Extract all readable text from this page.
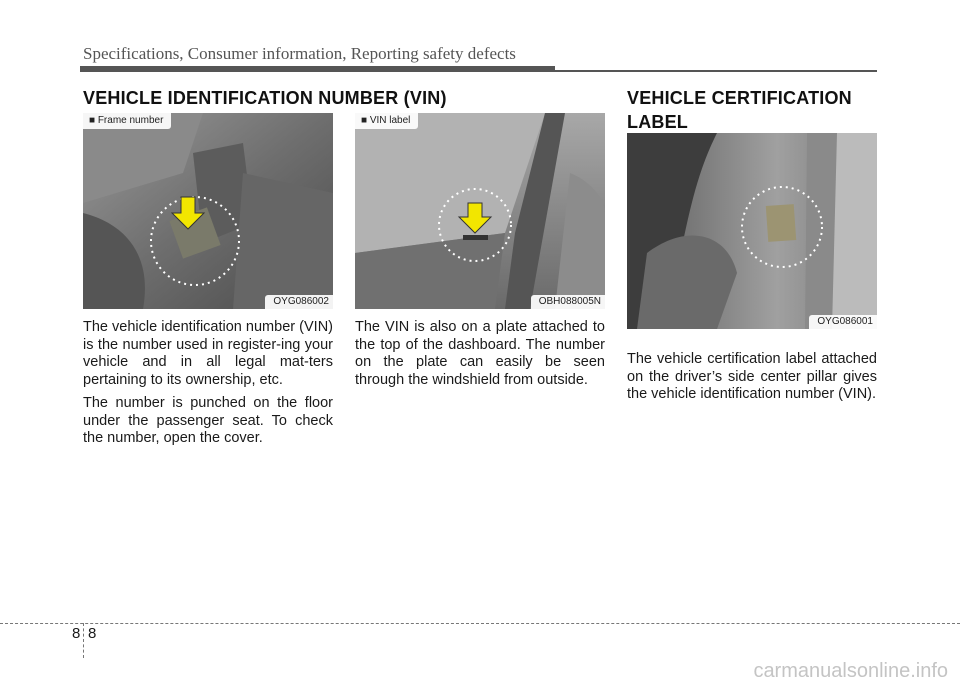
Specifications, Consumer information, Reporting safety defects
VEHICLE IDENTIFICATION NUMBER (VIN)
■ Frame number
OYG086002
■ VIN label
OBH088005N

The vehicle identification number (VIN) is the number used in register-ing your vehicle and in all legal mat-ters pertaining to its ownership, etc.

The number is punched on the floor under the passenger seat. To check the number, open the cover.

The VIN is also on a plate attached to the top of the dashboard. The number on the plate can easily be seen through the windshield from outside.

VEHICLE CERTIFICATION
LABEL
OYG086001

The vehicle certification label attached on the driver’s side center pillar gives the vehicle identification number (VIN).

8 8
carmanualsonline.info
